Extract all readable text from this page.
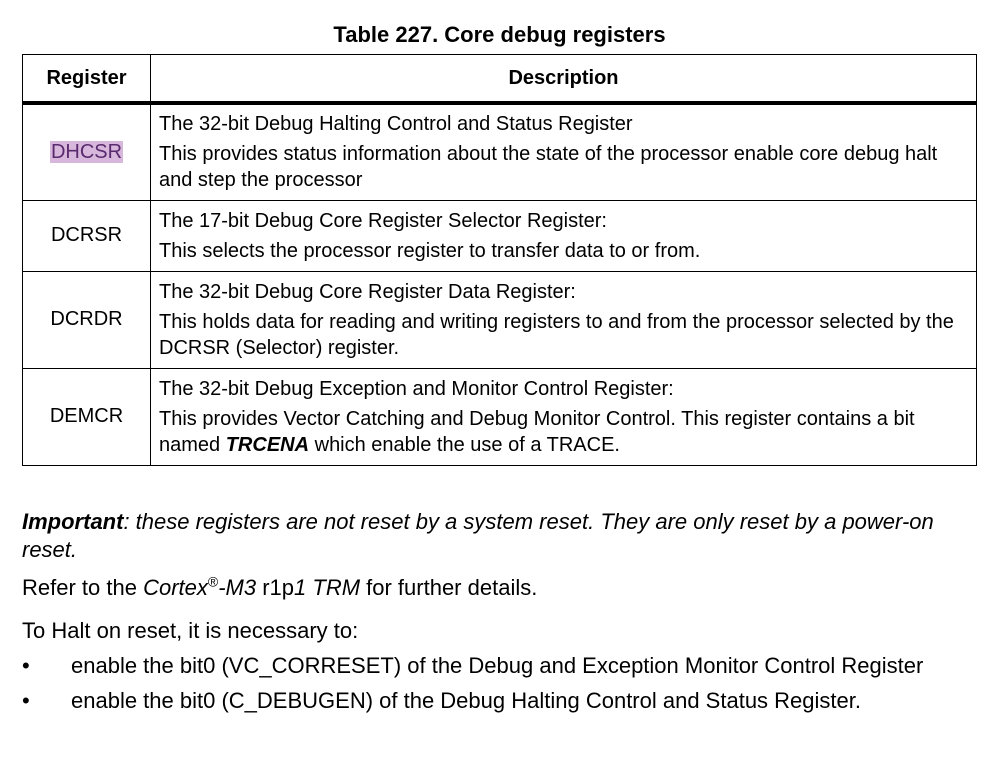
Table 227. Core debug registers
Register	Description
DHCSR	The 32-bit Debug Halting Control and Status Register

This provides status information about the state of the processor enable core debug halt and step the processor

DCRSR	The 17-bit Debug Core Register Selector Register:

This selects the processor register to transfer data to or from.

DCRDR	The 32-bit Debug Core Register Data Register:

This holds data for reading and writing registers to and from the processor selected by the DCRSR (Selector) register.

DEMCR	The 32-bit Debug Exception and Monitor Control Register:

This provides Vector Catching and Debug Monitor Control. This register contains a bit named TRCENA which enable the use of a TRACE.

Important: these registers are not reset by a system reset. They are only reset by a power-on reset.

Refer to the Cortex®-M3 r1p1 TRM for further details.

To Halt on reset, it is necessary to:

•	enable the bit0 (VC_CORRESET) of the Debug and Exception Monitor Control Register
•	enable the bit0 (C_DEBUGEN) of the Debug Halting Control and Status Register.
